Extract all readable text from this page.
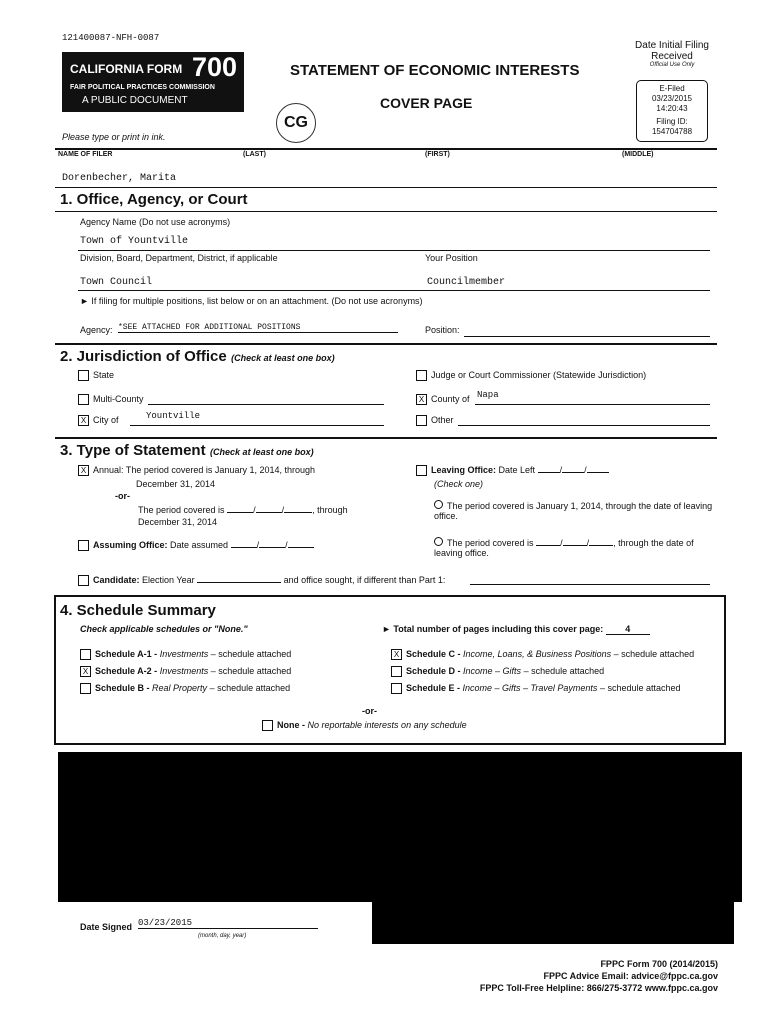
121400087-NFH-0087
CALIFORNIA FORM 700
FAIR POLITICAL PRACTICES COMMISSION
A PUBLIC DOCUMENT
STATEMENT OF ECONOMIC INTERESTS
COVER PAGE
CG
Please type or print in ink.
Date Initial Filing
Received
Official Use Only
E-Filed
03/23/2015
14:20:43
Filing ID:
154704788
NAME OF FILER	(LAST)	(FIRST)	(MIDDLE)
Dorenbecher, Marita
1. Office, Agency, or Court
Agency Name (Do not use acronyms)
Town of Yountville
Division, Board, Department, District, if applicable	Your Position
Town Council	Councilmember
► If filing for multiple positions, list below or on an attachment. (Do not use acronyms)
Agency: *SEE ATTACHED FOR ADDITIONAL POSITIONS	Position:
2. Jurisdiction of Office (Check at least one box)
State	Judge or Court Commissioner (Statewide Jurisdiction)
Multi-County	X County of Napa
X City of	Yountville	Other
3. Type of Statement (Check at least one box)
X Annual: The period covered is January 1, 2014, through
December 31, 2014
-or-
The period covered is	/	/	, through
December 31, 2014
Assuming Office: Date assumed	/	/
Leaving Office: Date Left	/ /
(Check one)
The period covered is January 1, 2014, through the date of leaving office.
The period covered is	/	/	, through the date of leaving office.
Candidate: Election Year	and office sought, if different than Part 1:
4. Schedule Summary
Check applicable schedules or "None."	► Total number of pages including this cover page: 4
Schedule A-1 - Investments – schedule attached
X Schedule A-2 - Investments – schedule attached
Schedule B - Real Property – schedule attached
X Schedule C - Income, Loans, & Business Positions – schedule attached
Schedule D - Income – Gifts – schedule attached
Schedule E - Income – Gifts – Travel Payments – schedule attached
-or-
None - No reportable interests on any schedule
Date Signed 03/23/2015
(month, day, year)
FPPC Form 700 (2014/2015)
FPPC Advice Email: advice@fppc.ca.gov
FPPC Toll-Free Helpline: 866/275-3772 www.fppc.ca.gov
